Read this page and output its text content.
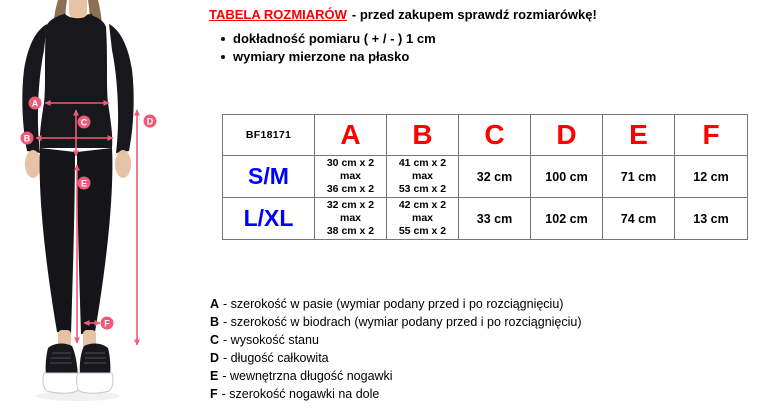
A
B
C	D
E
F
TABELA ROZMIARÓW - przed zakupem sprawdź rozmiarówkę!
dokładność pomiaru ( + / - ) 1 cm
wymiary mierzone na płasko
BF18171	A	B	C	D	E	F
S/M	30 cm x 2
max
36 cm x 2	41 cm x 2
max
53 cm x 2	32 cm	100 cm	71 cm	12 cm
L/XL	32 cm x 2
max
38 cm x 2	42 cm x 2
max
55 cm x 2	33 cm	102 cm	74 cm	13 cm
A - szerokość w pasie (wymiar podany przed i po rozciągnięciu)
B - szerokość w biodrach (wymiar podany przed i po rozciągnięciu)
C - wysokość stanu
D - długość całkowita
E - wewnętrzna długość nogawki
F - szerokość nogawki na dole
